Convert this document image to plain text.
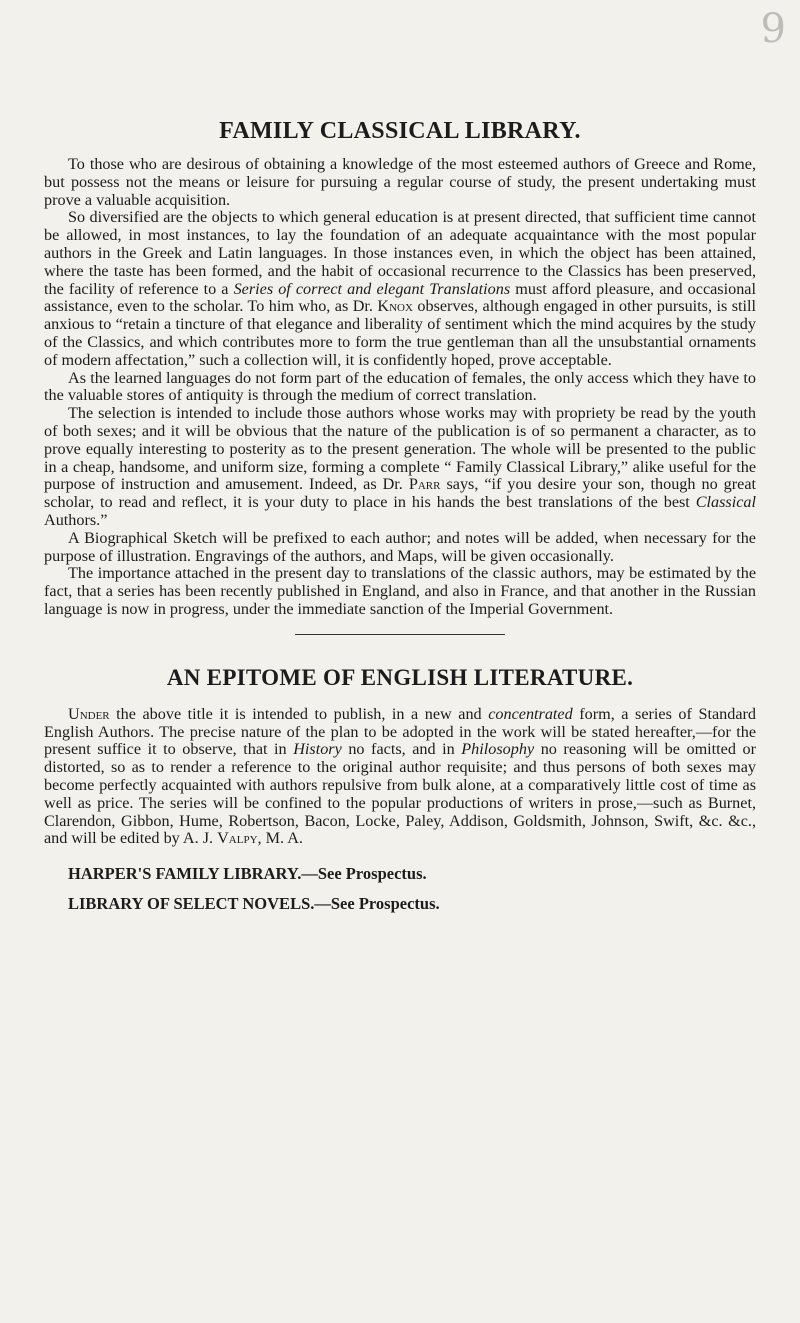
9
FAMILY CLASSICAL LIBRARY.

To those who are desirous of obtaining a knowledge of the most esteemed authors of Greece and Rome, but possess not the means or leisure for pursuing a regular course of study, the present undertaking must prove a valuable acquisition.

So diversified are the objects to which general education is at present directed, that sufficient time cannot be allowed, in most instances, to lay the foundation of an adequate acquaintance with the most popular authors in the Greek and Latin languages. In those instances even, in which the object has been attained, where the taste has been formed, and the habit of occasional recurrence to the Classics has been preserved, the facility of reference to a Series of correct and elegant Translations must afford pleasure, and occasional assistance, even to the scholar. To him who, as Dr. Knox observes, although engaged in other pursuits, is still anxious to “retain a tincture of that elegance and liberality of sentiment which the mind acquires by the study of the Classics, and which contributes more to form the true gentleman than all the unsubstantial ornaments of modern affectation,” such a collection will, it is confidently hoped, prove acceptable.

As the learned languages do not form part of the education of females, the only access which they have to the valuable stores of antiquity is through the medium of correct translation.

The selection is intended to include those authors whose works may with propriety be read by the youth of both sexes; and it will be obvious that the nature of the publication is of so permanent a character, as to prove equally interesting to posterity as to the present generation. The whole will be presented to the public in a cheap, handsome, and uniform size, forming a complete “ Family Classical Library,” alike useful for the purpose of instruction and amusement. Indeed, as Dr. Parr says, “if you desire your son, though no great scholar, to read and reflect, it is your duty to place in his hands the best translations of the best Classical Authors.”

A Biographical Sketch will be prefixed to each author; and notes will be added, when necessary for the purpose of illustration. Engravings of the authors, and Maps, will be given occasionally.

The importance attached in the present day to translations of the classic authors, may be estimated by the fact, that a series has been recently published in England, and also in France, and that another in the Russian language is now in progress, under the immediate sanction of the Imperial Government.

AN EPITOME OF ENGLISH LITERATURE.

Under the above title it is intended to publish, in a new and concentrated form, a series of Standard English Authors. The precise nature of the plan to be adopted in the work will be stated hereafter,—for the present suffice it to observe, that in History no facts, and in Philosophy no reasoning will be omitted or distorted, so as to render a reference to the original author requisite; and thus persons of both sexes may become perfectly acquainted with authors repulsive from bulk alone, at a comparatively little cost of time as well as price. The series will be confined to the popular productions of writers in prose,—such as Burnet, Clarendon, Gibbon, Hume, Robertson, Bacon, Locke, Paley, Addison, Goldsmith, Johnson, Swift, &c. &c., and will be edited by A. J. Valpy, M. A.

HARPER'S FAMILY LIBRARY.—See Prospectus.

LIBRARY OF SELECT NOVELS.—See Prospectus.
